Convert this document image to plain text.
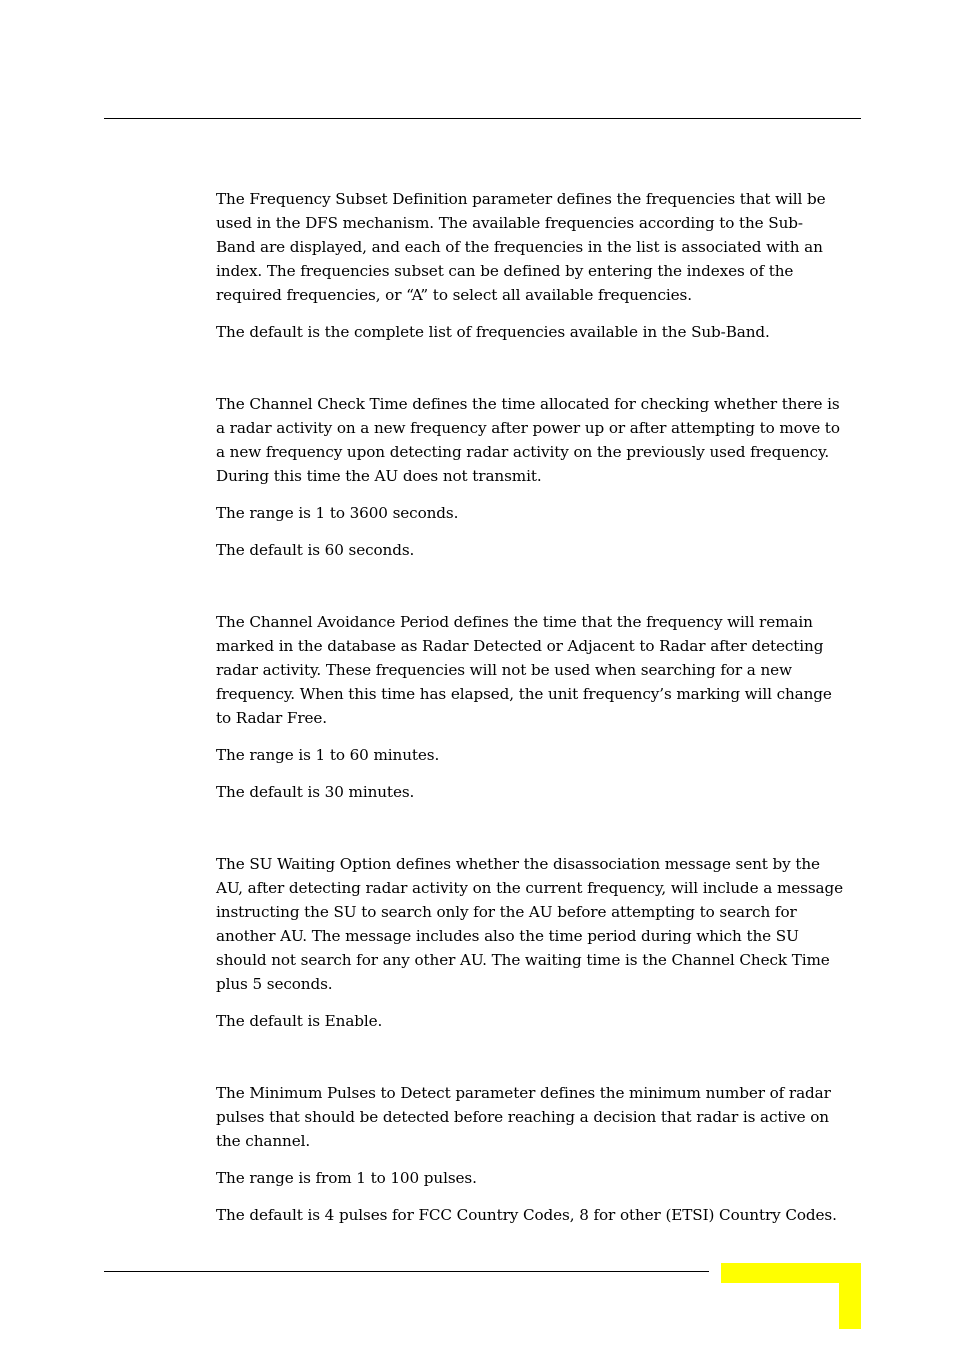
The Frequency Subset Definition parameter defines the frequencies that will be
used in the DFS mechanism. The available frequencies according to the Sub-
Band are displayed, and each of the frequencies in the list is associated with an
index. The frequencies subset can be defined by entering the indexes of the
required frequencies, or “A” to select all available frequencies.

The default is the complete list of frequencies available in the Sub-Band.

The Channel Check Time defines the time allocated for checking whether there is
a radar activity on a new frequency after power up or after attempting to move to
a new frequency upon detecting radar activity on the previously used frequency.
During this time the AU does not transmit.

The range is 1 to 3600 seconds.

The default is 60 seconds.

The Channel Avoidance Period defines the time that the frequency will remain
marked in the database as Radar Detected or Adjacent to Radar after detecting
radar activity. These frequencies will not be used when searching for a new
frequency. When this time has elapsed, the unit frequency’s marking will change
to Radar Free.

The range is 1 to 60 minutes.

The default is 30 minutes.

The SU Waiting Option defines whether the disassociation message sent by the
AU, after detecting radar activity on the current frequency, will include a message
instructing the SU to search only for the AU before attempting to search for
another AU. The message includes also the time period during which the SU
should not search for any other AU. The waiting time is the Channel Check Time
plus 5 seconds.

The default is Enable.

The Minimum Pulses to Detect parameter defines the minimum number of radar
pulses that should be detected before reaching a decision that radar is active on
the channel.

The range is from 1 to 100 pulses.

The default is 4 pulses for FCC Country Codes, 8 for other (ETSI) Country Codes.
